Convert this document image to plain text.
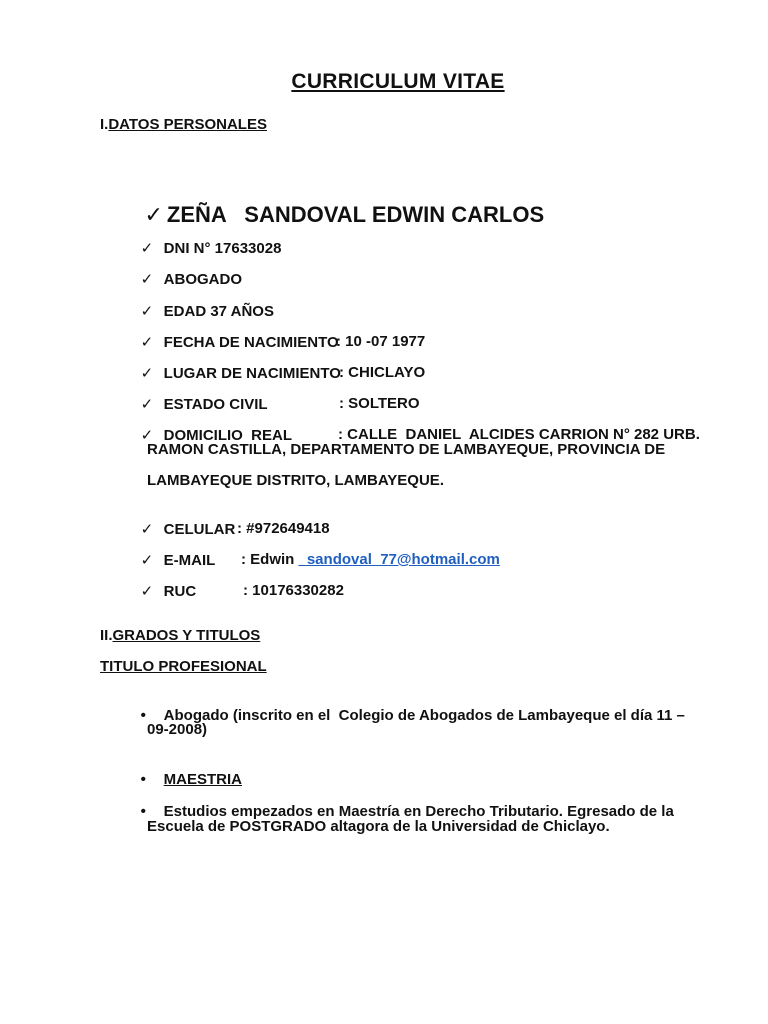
CURRICULUM VITAE
I.DATOS PERSONALES

✓ ZEÑA   SANDOVAL EDWIN CARLOS

✓ DNI N° 17633028

✓ ABOGADO

✓ EDAD 37 AÑOS

✓ FECHA DE NACIMIENTO
: 10 -07 1977

✓ LUGAR DE NACIMIENTO
: CHICLAYO

✓ ESTADO CIVIL	: SOLTERO

✓ DOMICILIO  REAL	: CALLE  DANIEL  ALCIDES CARRION N° 282 URB.

RAMON CASTILLA, DEPARTAMENTO DE LAMBAYEQUE, PROVINCIA DE
LAMBAYEQUE DISTRITO, LAMBAYEQUE.

✓ CELULAR : #972649418

✓ E-MAIL : Edwin _sandoval_77@hotmail.com

✓ RUC	: 10176330282

II.GRADOS Y TITULOS
TITULO PROFESIONAL

• Abogado (inscrito en el  Colegio de Abogados de Lambayeque el día 11 –

09-2008)

• MAESTRIA

• Estudios empezados en Maestría en Derecho Tributario. Egresado de la

Escuela de POSTGRADO altagora de la Universidad de Chiclayo.
